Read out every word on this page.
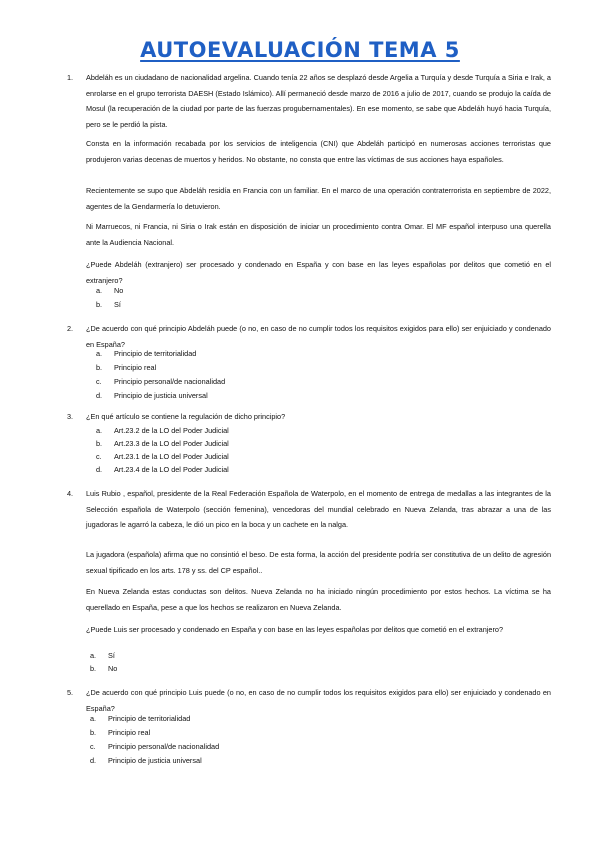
AUTOEVALUACIÓN TEMA 5
1. Abdeláh es un ciudadano de nacionalidad argelina. Cuando tenía 22 años se desplazó desde Argelia a Turquía y desde Turquía a Siria e Irak, a enrolarse en el grupo terrorista DAESH (Estado Islámico). Allí permaneció desde marzo de 2016 a julio de 2017, cuando se produjo la caída de Mosul (la recuperación de la ciudad por parte de las fuerzas progubernamentales). En ese momento, se sabe que Abdeláh huyó hacia Turquía, pero se le perdió la pista.
Consta en la información recabada por los servicios de inteligencia (CNI) que Abdeláh participó en numerosas acciones terroristas que produjeron varias decenas de muertos y heridos. No obstante, no consta que entre las víctimas de sus acciones haya españoles.
Recientemente se supo que Abdeláh residía en Francia con un familiar. En el marco de una operación contraterrorista en septiembre de 2022, agentes de la Gendarmería lo detuvieron.
Ni Marruecos, ni Francia, ni Siria o Irak están en disposición de iniciar un procedimiento contra Omar. El MF español interpuso una querella ante la Audiencia Nacional.
¿Puede Abdeláh (extranjero) ser procesado y condenado en España y con base en las leyes españolas por delitos que cometió en el extranjero?
a. No
b. Sí
2. ¿De acuerdo con qué principio Abdeláh puede (o no, en caso de no cumplir todos los requisitos exigidos para ello) ser enjuiciado y condenado en España?
a. Principio de territorialidad
b. Principio real
c. Principio personal/de nacionalidad
d. Principio de justicia universal
3. ¿En qué artículo se contiene la regulación de dicho principio?
a. Art.23.2 de la LO del Poder Judicial
b. Art.23.3 de la LO del Poder Judicial
c. Art.23.1 de la LO del Poder Judicial
d. Art.23.4 de la LO del Poder Judicial
4. Luis Rubio , español, presidente de la Real Federación Española de Waterpolo, en el momento de entrega de medallas a las integrantes de la Selección española de Waterpolo (sección femenina), vencedoras del mundial celebrado en Nueva Zelanda, tras abrazar a una de las jugadoras le agarró la cabeza, le dió un pico en la boca y un cachete en la nalga.
La jugadora (española) afirma que no consintió el beso. De esta forma, la acción del presidente podría ser constitutiva de un delito de agresión sexual tipificado en los arts. 178 y ss. del CP español..
En Nueva Zelanda estas conductas son delitos. Nueva Zelanda no ha iniciado ningún procedimiento por estos hechos. La víctima se ha querellado en España, pese a que los hechos se realizaron en Nueva Zelanda.
¿Puede Luis ser procesado y condenado en España y con base en las leyes españolas por delitos que cometió en el extranjero?
a. Sí
b. No
5. ¿De acuerdo con qué principio Luis puede (o no, en caso de no cumplir todos los requisitos exigidos para ello) ser enjuiciado y condenado en España?
a. Principio de territorialidad
b. Principio real
c. Principio personal/de nacionalidad
d. Principio de justicia universal
